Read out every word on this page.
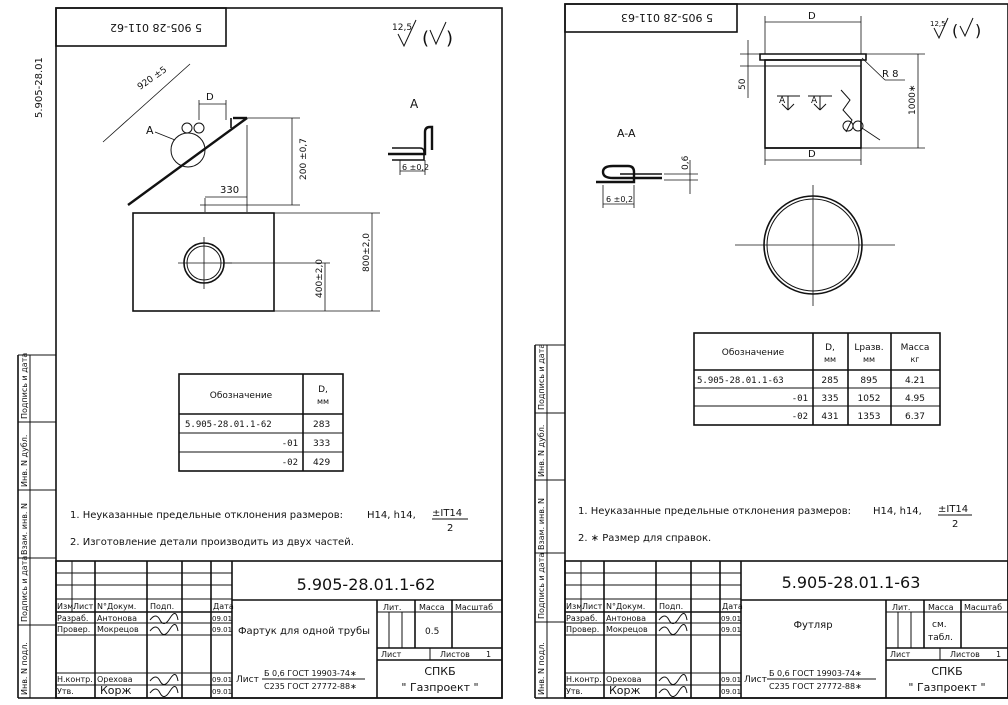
Инв. N подл.
Подпись и дата
Взам. инв. N
Инв. N дубл.
Подпись и дата
5.905-28.01
5 905-28 011-62	12,5 ( )
A
D
920 ±5
200 ±0,7
330
A
6 ±0,2
400±2,0
800±2,0
Обозначение
D,
мм
5.905-28.01.1-62	283
-01 333
-02 429
1. Неуказанные предельные отклонения размеров: H14, h14, ±IT14
2
2. Изготовление детали производить из двух частей.
5.905-28.01.1-62
Изм.
Лист N°Докум. Подп.	Дата
Разраб. Антонова	09.01
Провер. Мокрецов	09.01
Н.контр. Орехова	09.01
Утв. Корж	09.01
Фартук для одной трубы
Лит. Масса Масштаб
0.5
Лист	Листов 1
Лист
Б 0,6 ГОСТ 19903-74∗
С235 ГОСТ 27772-88∗
СПКБ
" Газпроект "	Инв. N подл.
Подпись и дата
Взам. инв. N
Инв. N дубл.
Подпись и дата
5 905-28 011-63	12,5 ( )
A	A
D
D
50
R 8
1000∗
A-A
0,6
6 ±0,2
Обозначение	D,
мм
Lразв.
мм
Масса
кг
5.905-28.01.1-63	285 895	4.21
-01 335 1052	4.95
-02 431 1353	6.37
1. Неуказанные предельные отклонения размеров: H14, h14, ±IT14
2
2. ∗ Размер для справок.
5.905-28.01.1-63
Изм.
Лист N°Докум. Подп.	Дата
Разраб. Антонова	09.01
Провер. Мокрецов	09.01
Н.контр. Орехова	09.01
Утв. Корж	09.01
Футляр
Лит. Масса Масштаб
см.
табл.
Лист	Листов 1
Лист
Б 0,6 ГОСТ 19903-74∗
С235 ГОСТ 27772-88∗
СПКБ
" Газпроект "
